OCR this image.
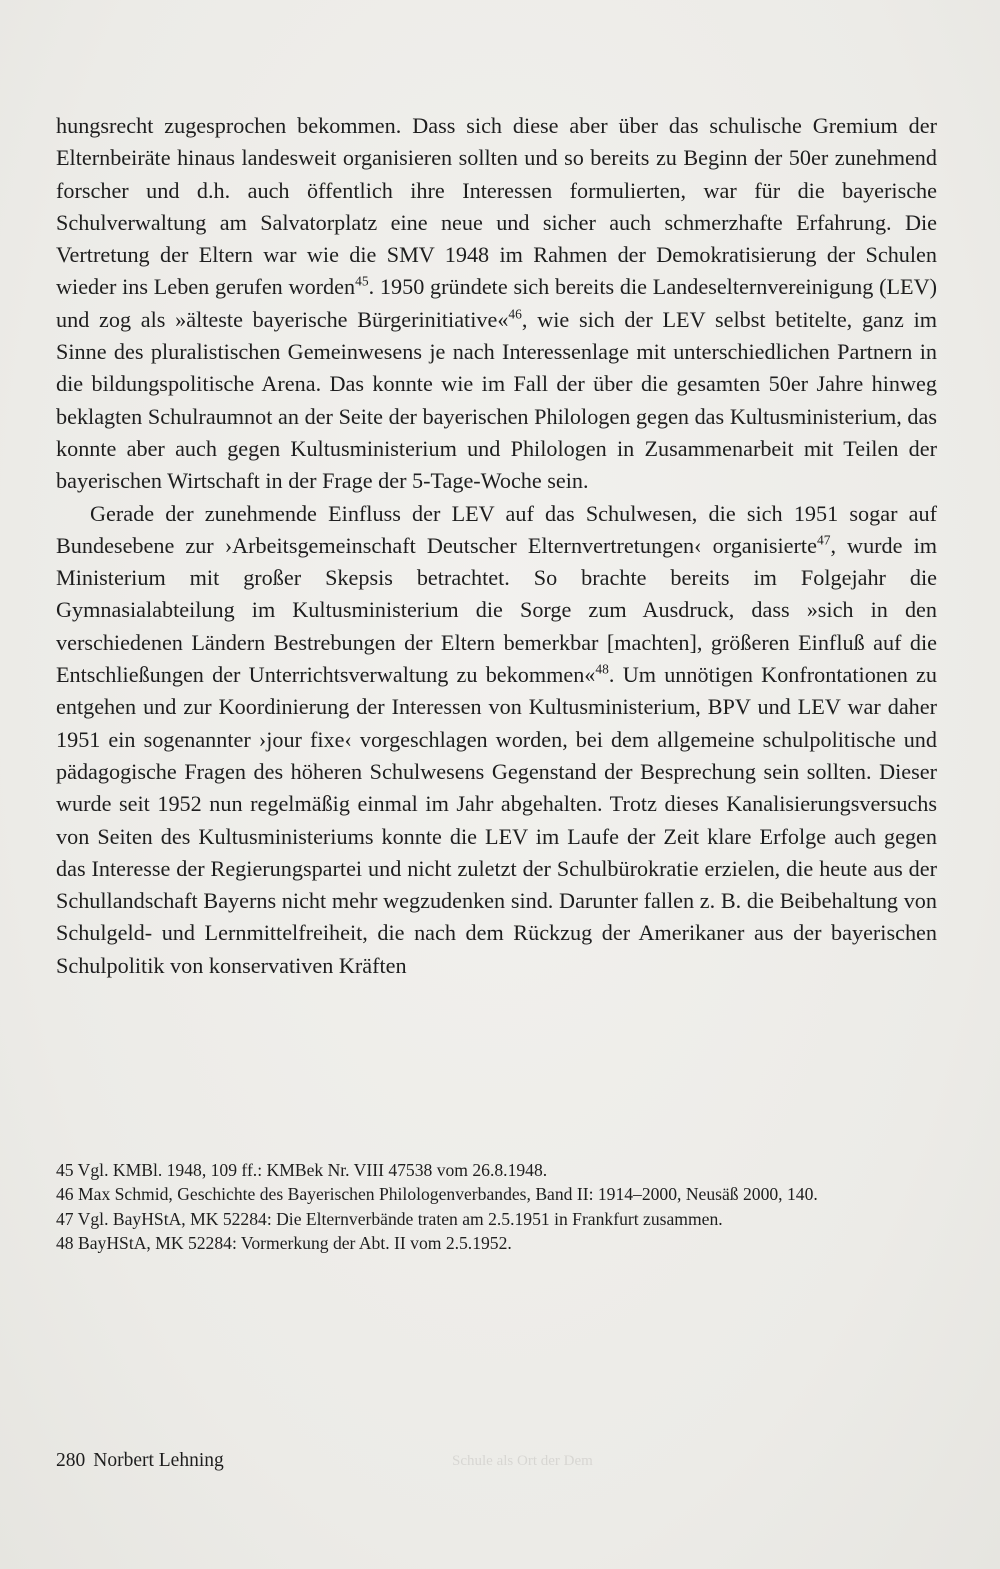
hungsrecht zugesprochen bekommen. Dass sich diese aber über das schulische Gremium der Elternbeiräte hinaus landesweit organisieren sollten und so bereits zu Beginn der 50er zunehmend forscher und d.h. auch öffentlich ihre Interessen formulierten, war für die bayerische Schulverwaltung am Salvatorplatz eine neue und sicher auch schmerzhafte Erfahrung. Die Vertretung der Eltern war wie die SMV 1948 im Rahmen der Demokratisierung der Schulen wieder ins Leben gerufen worden$^{45}$. 1950 gründete sich bereits die Landeselternvereinigung (LEV) und zog als »älteste bayerische Bürgerinitiative«$^{46}$, wie sich der LEV selbst betitelte, ganz im Sinne des pluralistischen Gemeinwesens je nach Interessenlage mit unterschiedlichen Partnern in die bildungspolitische Arena. Das konnte wie im Fall der über die gesamten 50er Jahre hinweg beklagten Schulraumnot an der Seite der bayerischen Philologen gegen das Kultusministerium, das konnte aber auch gegen Kultusministerium und Philologen in Zusammenarbeit mit Teilen der bayerischen Wirtschaft in der Frage der 5-Tage-Woche sein.

Gerade der zunehmende Einfluss der LEV auf das Schulwesen, die sich 1951 sogar auf Bundesebene zur ›Arbeitsgemeinschaft Deutscher Elternvertretungen‹ organisierte$^{47}$, wurde im Ministerium mit großer Skepsis betrachtet. So brachte bereits im Folgejahr die Gymnasialabteilung im Kultusministerium die Sorge zum Ausdruck, dass »sich in den verschiedenen Ländern Bestrebungen der Eltern bemerkbar [machten], größeren Einfluß auf die Entschließungen der Unterrichtsverwaltung zu bekommen«$^{48}$. Um unnötigen Konfrontationen zu entgehen und zur Koordinierung der Interessen von Kultusministerium, BPV und LEV war daher 1951 ein sogenannter ›jour fixe‹ vorgeschlagen worden, bei dem allgemeine schulpolitische und pädagogische Fragen des höheren Schulwesens Gegenstand der Besprechung sein sollten. Dieser wurde seit 1952 nun regelmäßig einmal im Jahr abgehalten. Trotz dieses Kanalisierungsversuchs von Seiten des Kultusministeriums konnte die LEV im Laufe der Zeit klare Erfolge auch gegen das Interesse der Regierungspartei und nicht zuletzt der Schulbürokratie erzielen, die heute aus der Schullandschaft Bayerns nicht mehr wegzudenken sind. Darunter fallen z. B. die Beibehaltung von Schulgeld- und Lernmittelfreiheit, die nach dem Rückzug der Amerikaner aus der bayerischen Schulpolitik von konservativen Kräften

45 Vgl. KMBl. 1948, 109 ff.: KMBek Nr. VIII 47538 vom 26.8.1948.

46 Max Schmid, Geschichte des Bayerischen Philologenverbandes, Band II: 1914–2000, Neusäß 2000, 140.

47 Vgl. BayHStA, MK 52284: Die Elternverbände traten am 2.5.1951 in Frankfurt zusammen.

48 BayHStA, MK 52284: Vormerkung der Abt. II vom 2.5.1952.

280 Norbert Lehning	Schule als Ort der Dem
